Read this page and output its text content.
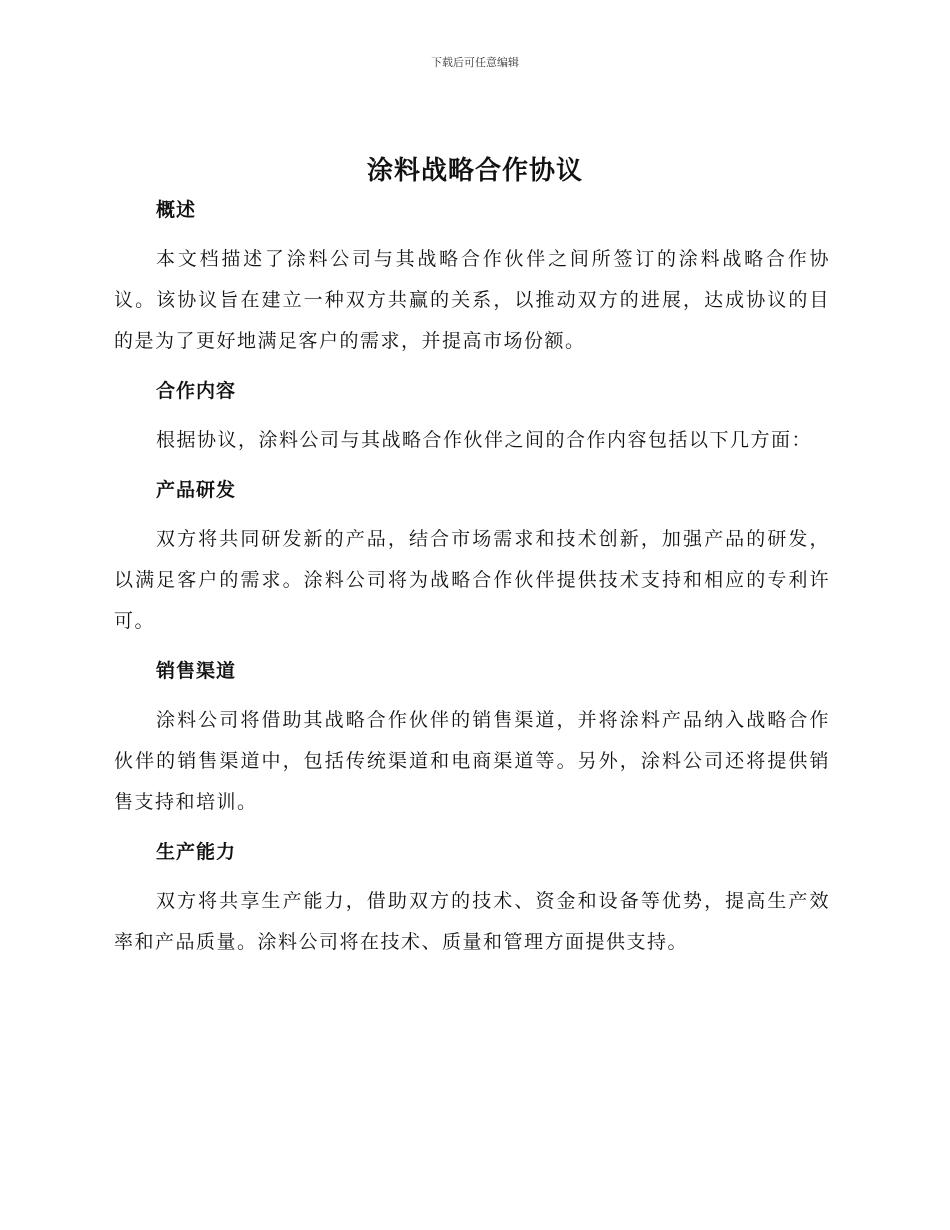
下载后可任意编辑
涂料战略合作协议
概述

本文档描述了涂料公司与其战略合作伙伴之间所签订的涂料战略合作协议。该协议旨在建立一种双方共赢的关系，以推动双方的进展，达成协议的目的是为了更好地满足客户的需求，并提高市场份额。

合作内容

根据协议，涂料公司与其战略合作伙伴之间的合作内容包括以下几方面：

产品研发

双方将共同研发新的产品，结合市场需求和技术创新，加强产品的研发，以满足客户的需求。涂料公司将为战略合作伙伴提供技术支持和相应的专利许可。

销售渠道

涂料公司将借助其战略合作伙伴的销售渠道，并将涂料产品纳入战略合作伙伴的销售渠道中，包括传统渠道和电商渠道等。另外，涂料公司还将提供销售支持和培训。

生产能力

双方将共享生产能力，借助双方的技术、资金和设备等优势，提高生产效率和产品质量。涂料公司将在技术、质量和管理方面提供支持。
